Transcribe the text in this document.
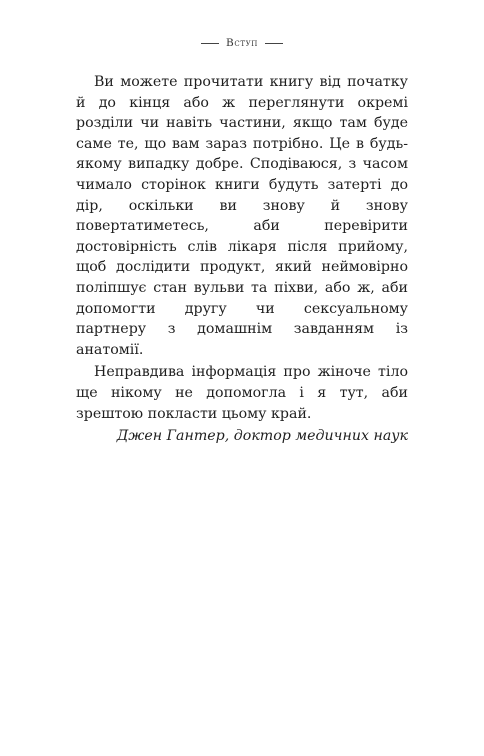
Вступ

Ви можете прочитати книгу від початку й до кінця або ж переглянути окремі розділи чи навіть частини, якщо там буде саме те, що вам зараз потрібно. Це в будь-якому випадку добре. Сподіваюся, з часом чимало сторінок книги будуть затерті до дір, оскільки ви знову й знову повертатиметесь, аби перевірити достовірність слів лікаря після прийому, щоб дослідити продукт, який неймовірно поліпшує стан вульви та піхви, або ж, аби допомогти другу чи сексуальному партнеру з домашнім завданням із анатомії.

Неправдива інформація про жіноче тіло ще нікому не допомогла і я тут, аби зрештою покласти цьому край.

Джен Гантер, доктор медичних наук
